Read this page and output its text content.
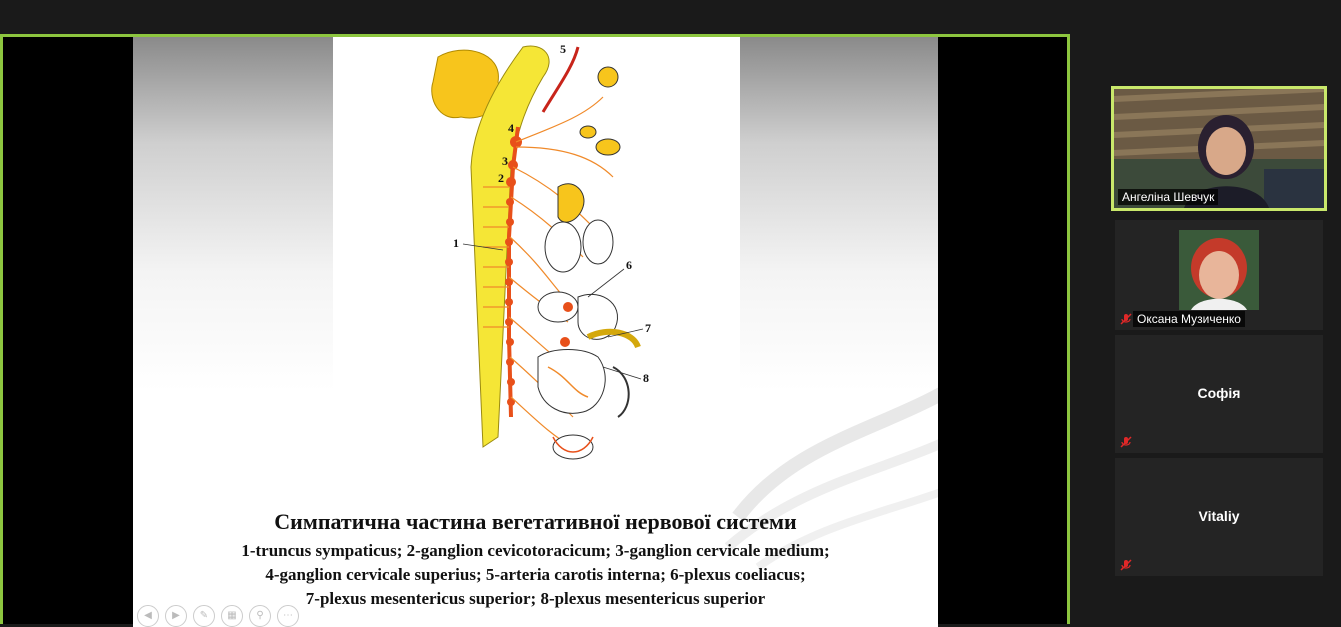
5
4
3
2
1
6
7
8
Симпатична частина вегетативної нервової системи
1-truncus sympaticus; 2-ganglion cevicotoracicum; 3-ganglion cervicale medium;
4-ganglion cervicale superius; 5-arteria carotis interna; 6-plexus coeliacus;
7-plexus mesentericus superior; 8-plexus mesentericus superior
◀	▶	✎	▦	⚲	⋯
Ангеліна Шевчук
Оксана Музиченко
Софія
Vitaliy
